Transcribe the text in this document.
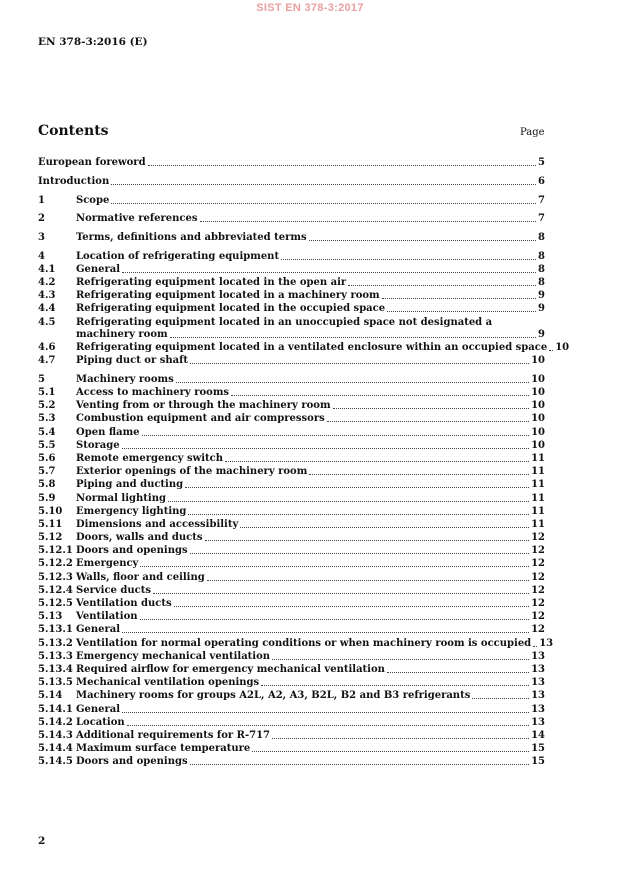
SIST EN 378-3:2017
EN 378-3:2016 (E)
Contents	Page
European foreword	5
Introduction	6
1	Scope	7
2	Normative references	7
3	Terms, definitions and abbreviated terms	8
4	Location of refrigerating equipment	8
4.1	General	8
4.2	Refrigerating equipment located in the open air	8
4.3	Refrigerating equipment located in a machinery room	9
4.4	Refrigerating equipment located in the occupied space	9
4.5	Refrigerating equipment located in an unoccupied space not designated a
machinery room	9
4.6	Refrigerating equipment located in a ventilated enclosure within an occupied space 10
4.7	Piping duct or shaft	10
5	Machinery rooms	10
5.1	Access to machinery rooms	10
5.2	Venting from or through the machinery room	10
5.3	Combustion equipment and air compressors	10
5.4	Open flame	10
5.5	Storage	10
5.6	Remote emergency switch	11
5.7	Exterior openings of the machinery room	11
5.8	Piping and ducting	11
5.9	Normal lighting	11
5.10	Emergency lighting	11
5.11	Dimensions and accessibility	11
5.12	Doors, walls and ducts	12
5.12.1 Doors and openings	12
5.12.2 Emergency	12
5.12.3 Walls, floor and ceiling	12
5.12.4 Service ducts	12
5.12.5 Ventilation ducts	12
5.13	Ventilation	12
5.13.1 General	12
5.13.2 Ventilation for normal operating conditions or when machinery room is occupied 13
5.13.3 Emergency mechanical ventilation	13
5.13.4 Required airflow for emergency mechanical ventilation	13
5.13.5 Mechanical ventilation openings	13
5.14	Machinery rooms for groups A2L, A2, A3, B2L, B2 and B3 refrigerants	13
5.14.1 General	13
5.14.2 Location	13
5.14.3 Additional requirements for R-717	14
5.14.4 Maximum surface temperature	15
5.14.5 Doors and openings	15
2
